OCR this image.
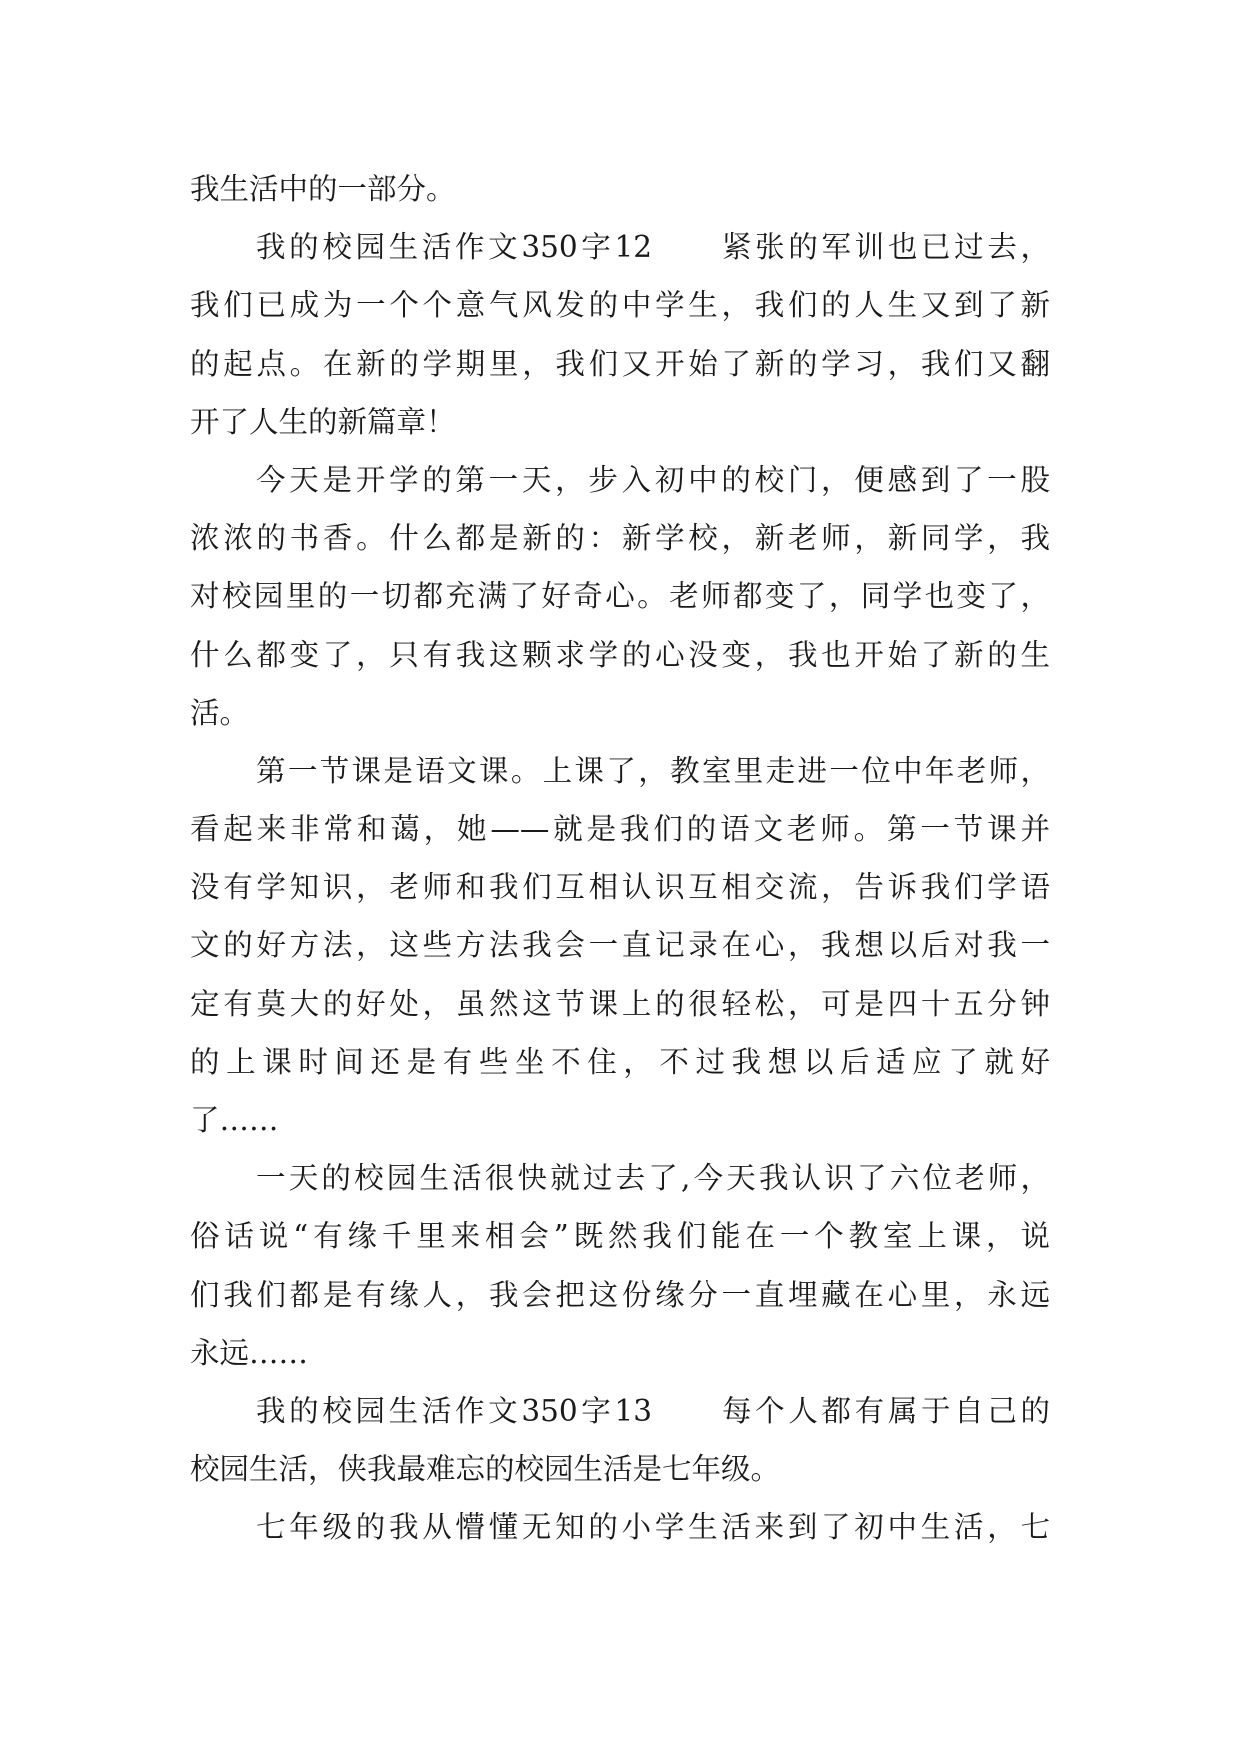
我生活中的一部分。
我的校园生活作文350字12　　紧张的军训也已过去，
我们已成为一个个意气风发的中学生，我们的人生又到了新
的起点。在新的学期里，我们又开始了新的学习，我们又翻
开了人生的新篇章！
今天是开学的第一天，步入初中的校门，便感到了一股
浓浓的书香。什么都是新的：新学校，新老师，新同学，我
对校园里的一切都充满了好奇心。老师都变了，同学也变了，
什么都变了，只有我这颗求学的心没变，我也开始了新的生
活。
第一节课是语文课。上课了，教室里走进一位中年老师，
看起来非常和蔼，她——就是我们的语文老师。第一节课并
没有学知识，老师和我们互相认识互相交流，告诉我们学语
文的好方法，这些方法我会一直记录在心，我想以后对我一
定有莫大的好处，虽然这节课上的很轻松，可是四十五分钟
的上课时间还是有些坐不住，不过我想以后适应了就好
了……
一天的校园生活很快就过去了,今天我认识了六位老师，
俗话说“有缘千里来相会”既然我们能在一个教室上课，说
们我们都是有缘人，我会把这份缘分一直埋藏在心里，永远
永远……
我的校园生活作文350字13　　每个人都有属于自己的
校园生活，侠我最难忘的校园生活是七年级。
七年级的我从懵懂无知的小学生活来到了初中生活，七
